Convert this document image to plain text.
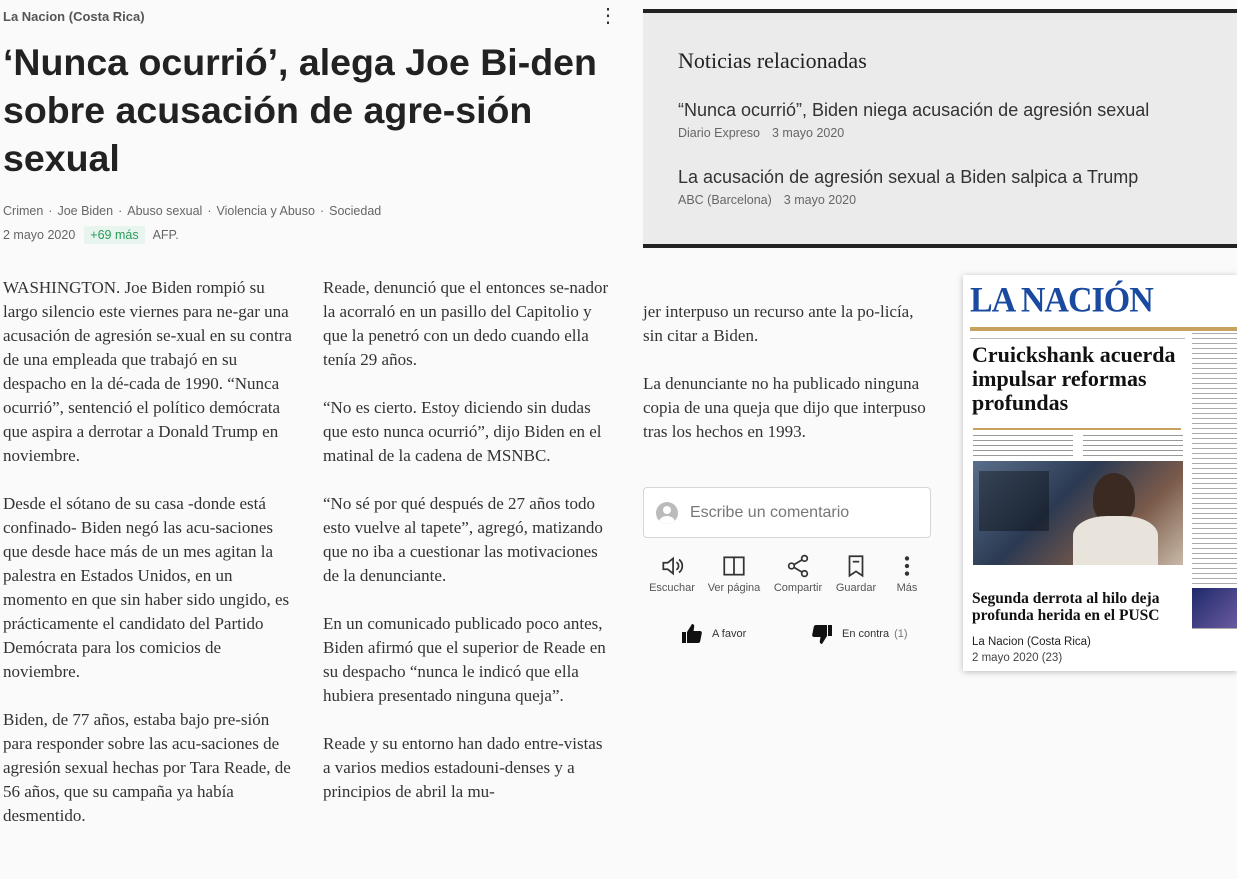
La Nacion (Costa Rica)	⋮
‘Nunca ocurrió’, alega Joe Bi-den sobre acusación de agre-sión sexual
Crimen · Joe Biden · Abuso sexual · Violencia y Abuso · Sociedad
2 mayo 2020	+69 más	AFP.

WASHINGTON. Joe Biden rompió su largo silencio este viernes para ne-gar una acusación de agresión se-xual en su contra de una empleada que trabajó en su despacho en la dé-cada de 1990. “Nunca ocurrió”, sentenció el político demócrata que aspira a derrotar a Donald Trump en noviembre.

Desde el sótano de su casa -donde está confinado- Biden negó las acu-saciones que desde hace más de un mes agitan la palestra en Estados Unidos, en un momento en que sin haber sido ungido, es prácticamente el candidato del Partido Demócrata para los comicios de noviembre.

Biden, de 77 años, estaba bajo pre-sión para responder sobre las acu-saciones de agresión sexual hechas por Tara Reade, de 56 años, que su campaña ya había desmentido.

Reade, denunció que el entonces se-nador la acorraló en un pasillo del Capitolio y que la penetró con un dedo cuando ella tenía 29 años.

“No es cierto. Estoy diciendo sin dudas que esto nunca ocurrió”, dijo Biden en el matinal de la cadena de MSNBC.

“No sé por qué después de 27 años todo esto vuelve al tapete”, agregó, matizando que no iba a cuestionar las motivaciones de la denunciante.

En un comunicado publicado poco antes, Biden afirmó que el superior de Reade en su despacho “nunca le indicó que ella hubiera presentado ninguna queja”.

Reade y su entorno han dado entre-vistas a varios medios estadouni-denses y a principios de abril la mu-

jer interpuso un recurso ante la po-licía, sin citar a Biden.

La denunciante no ha publicado ninguna copia de una queja que dijo que interpuso tras los hechos en 1993.

Noticias relacionadas
“Nunca ocurrió”, Biden niega acusación de agresión sexual
Diario Expreso 3 mayo 2020
La acusación de agresión sexual a Biden salpica a Trump
ABC (Barcelona) 3 mayo 2020
Escribe un comentario
Escuchar	Ver página	Compartir	Guardar	Más
A favor	En contra (1)
LA NACIÓN
Cruickshank acuerda impulsar reformas profundas
Segunda derrota al hilo deja profunda herida en el PUSC
La Nacion (Costa Rica)
2 mayo 2020 (23)
